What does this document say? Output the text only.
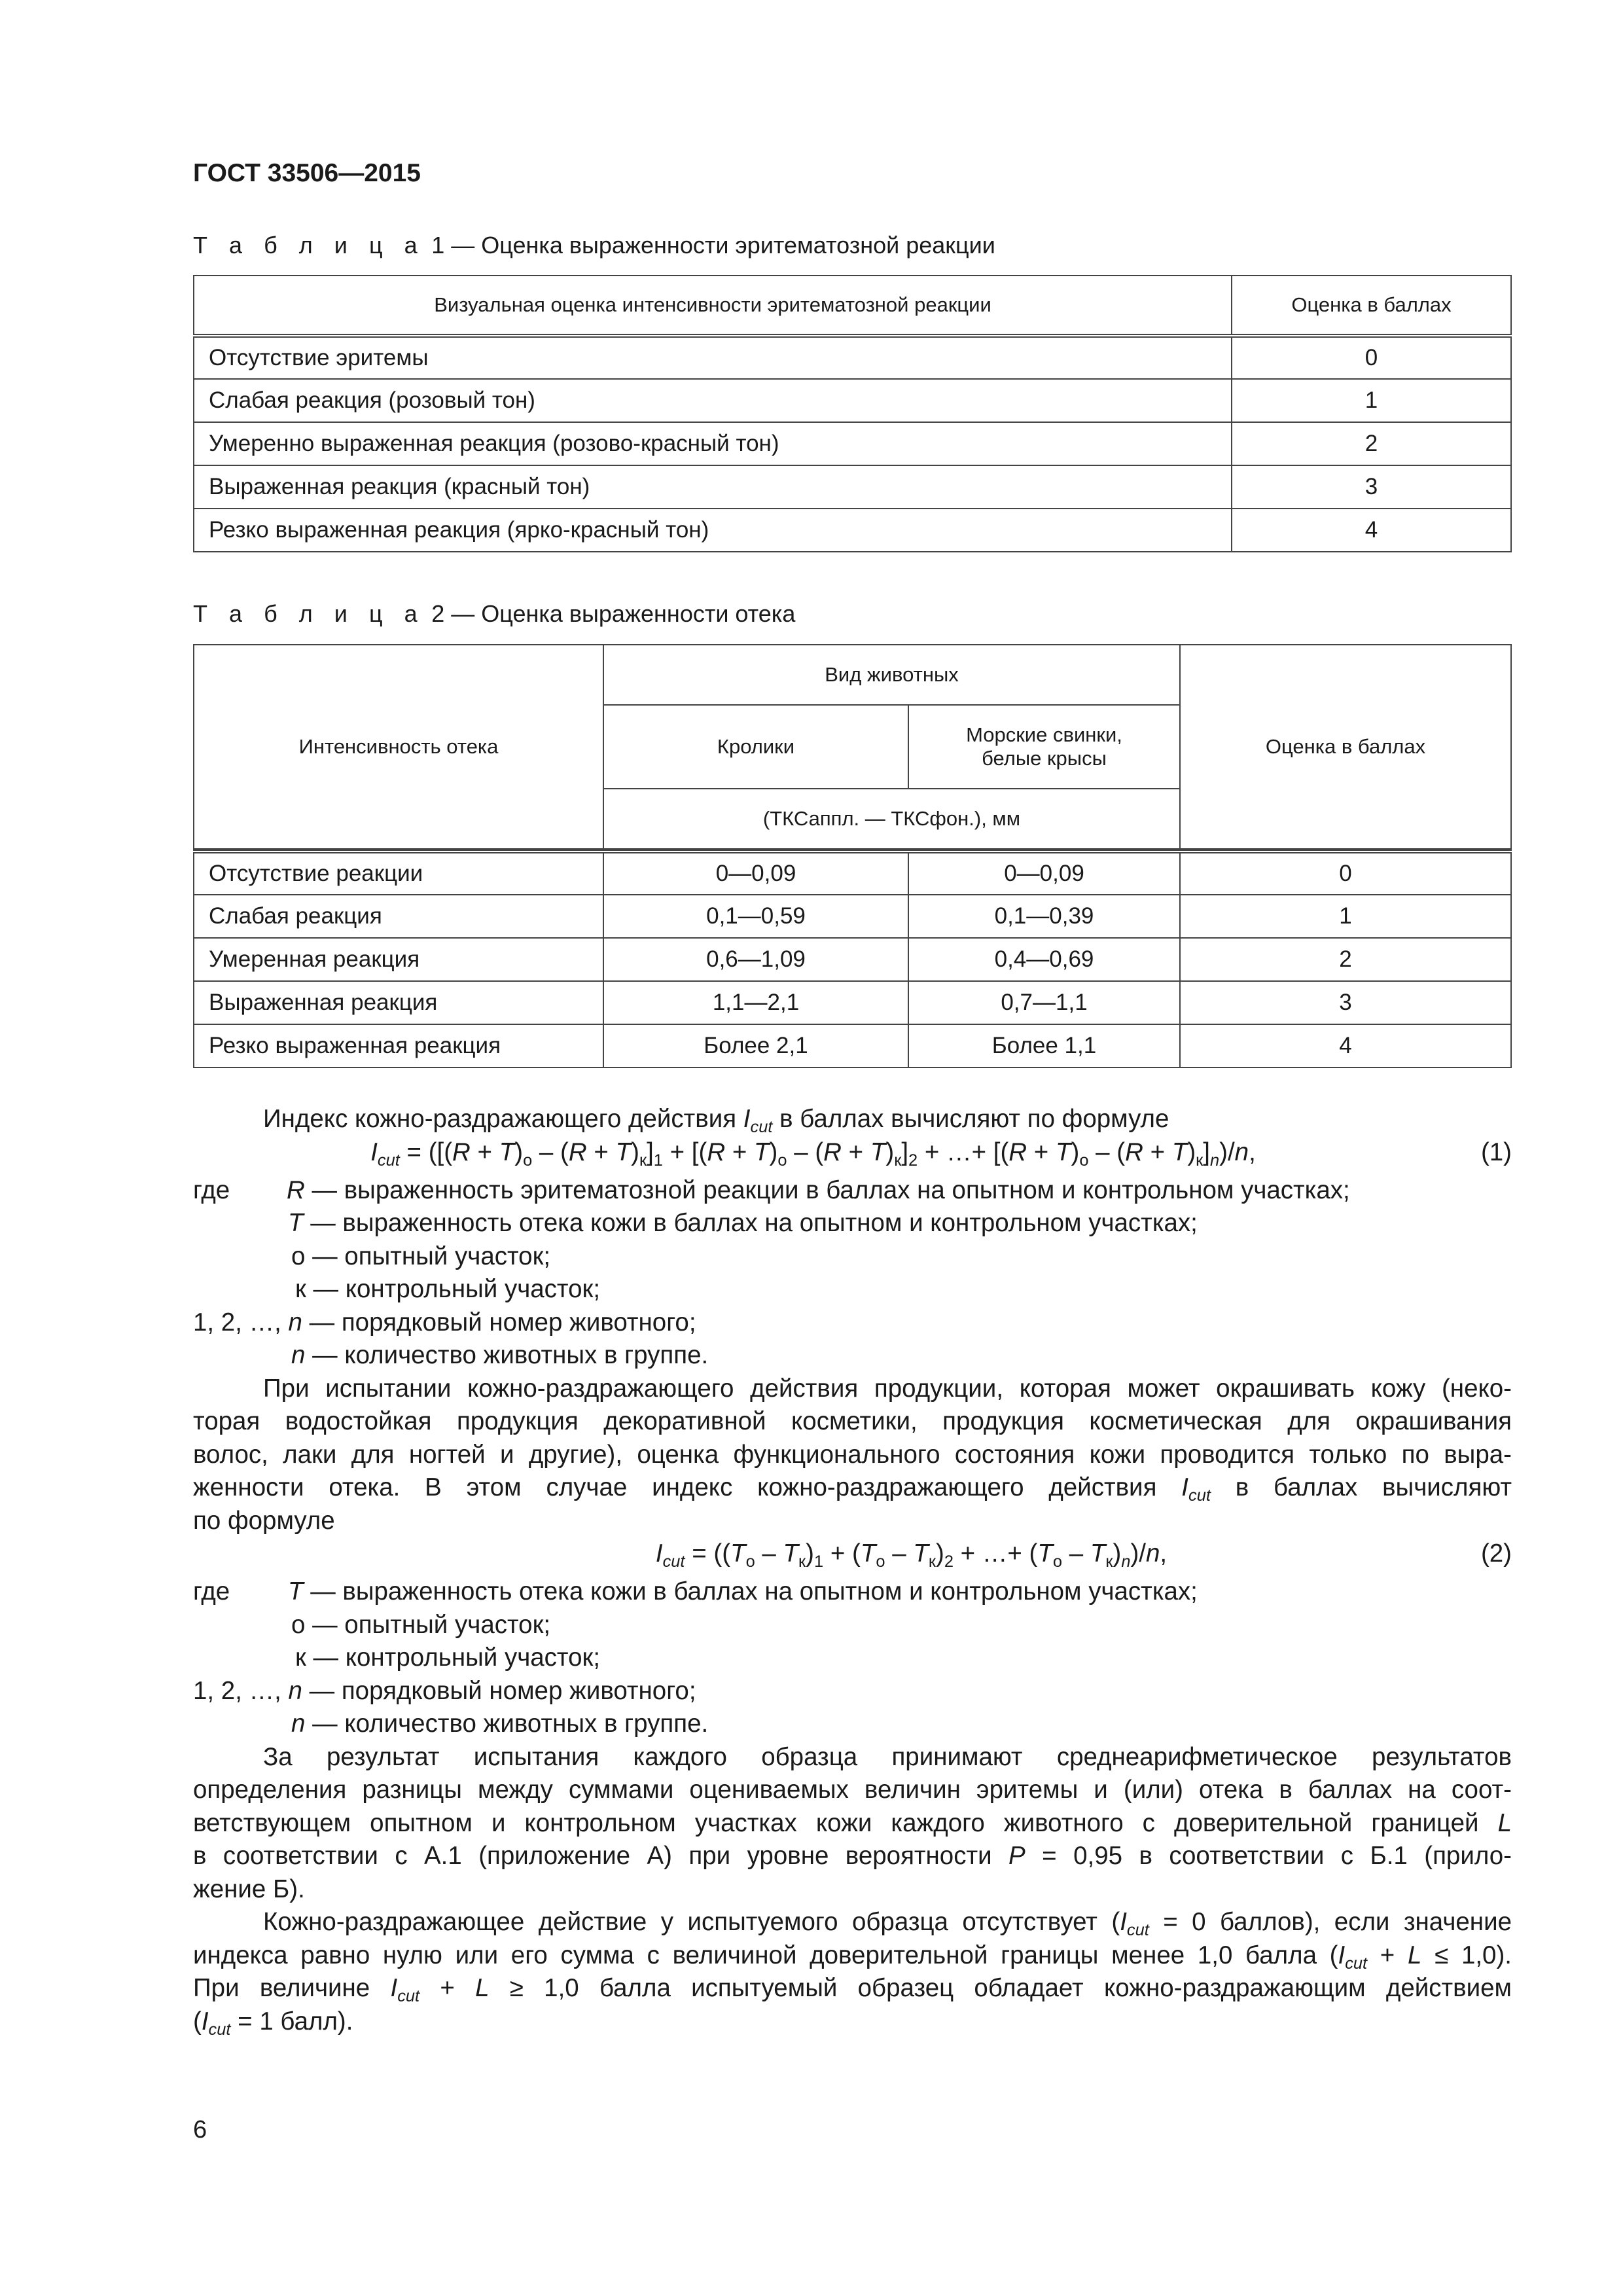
ГОСТ 33506—2015
Т а б л и ц а 1 — Оценка выраженности эритематозной реакции
Визуальная оценка интенсивности эритематозной реакции	Оценка в баллах
Отсутствие эритемы	0
Слабая реакция (розовый тон)	1
Умеренно выраженная реакция (розово-красный тон)	2
Выраженная реакция (красный тон)	3
Резко выраженная реакция (ярко-красный тон)	4
Т а б л и ц а 2 — Оценка выраженности отека
Интенсивность отека	Вид животных		Оценка в баллах
	Кролики	Морские свинки,
белые крысы	
	(ТКСаппл. — ТКСфон.), мм		

Отсутствие реакции	0—0,09	0—0,09	0
Слабая реакция	0,1—0,59	0,1—0,39	1
Умеренная реакция	0,6—1,09	0,4—0,69	2
Выраженная реакция	1,1—2,1	0,7—1,1	3
Резко выраженная реакция	Более 2,1	Более 1,1	4

Индекс кожно-раздражающего действия $I_{cut}$ в баллах вычисляют по формуле

$I_{cut} = ([(R + T)_о - (R + T)_к]_1 + [(R + T)_о - (R + T)_к]_2$ + …+ $[(R + T)_о - (R + T)_к]_n)/n$,	(1)
где R — выраженность эритематозной реакции в баллах на опытном и контрольном участках;
T — выраженность отека кожи в баллах на опытном и контрольном участках;
о — опытный участок;
к — контрольный участок;
1, 2, …, n — порядковый номер животного;
n — количество животных в группе.

При испытании кожно-раздражающего действия продукции, которая может окрашивать кожу (неко-

торая водостойкая продукция декоративной косметики, продукция косметическая для окрашивания

волос, лаки для ногтей и другие), оценка функционального состояния кожи проводится только по выра-

женности отека. В этом случае индекс кожно-раздражающего действия $I_{cut}$ в баллах вычисляют

по формуле

$I_{cut} = ((T_о - T_к)_1 + (T_о - T_к)_2$ + …+ $(T_о - T_к)_n)/n$,	(2)
где T — выраженность отека кожи в баллах на опытном и контрольном участках;
о — опытный участок;
к — контрольный участок;
1, 2, …, n — порядковый номер животного;
n — количество животных в группе.

За результат испытания каждого образца принимают среднеарифметическое результатов

определения разницы между суммами оцениваемых величин эритемы и (или) отека в баллах на соот-

ветствующем опытном и контрольном участках кожи каждого животного с доверительной границей L

в соответствии с А.1 (приложение А) при уровне вероятности P = 0,95 в соответствии с Б.1 (прило-

жение Б).

Кожно-раздражающее действие у испытуемого образца отсутствует ($I_{cut} = 0$ баллов), если значение

индекса равно нулю или его сумма с величиной доверительной границы менее 1,0 балла $(I_{cut} + L \le 1,0)$.

При величине $I_{cut} + L \ge 1,0$ балла испытуемый образец обладает кожно-раздражающим действием

($I_{cut} = 1$ балл).

6
